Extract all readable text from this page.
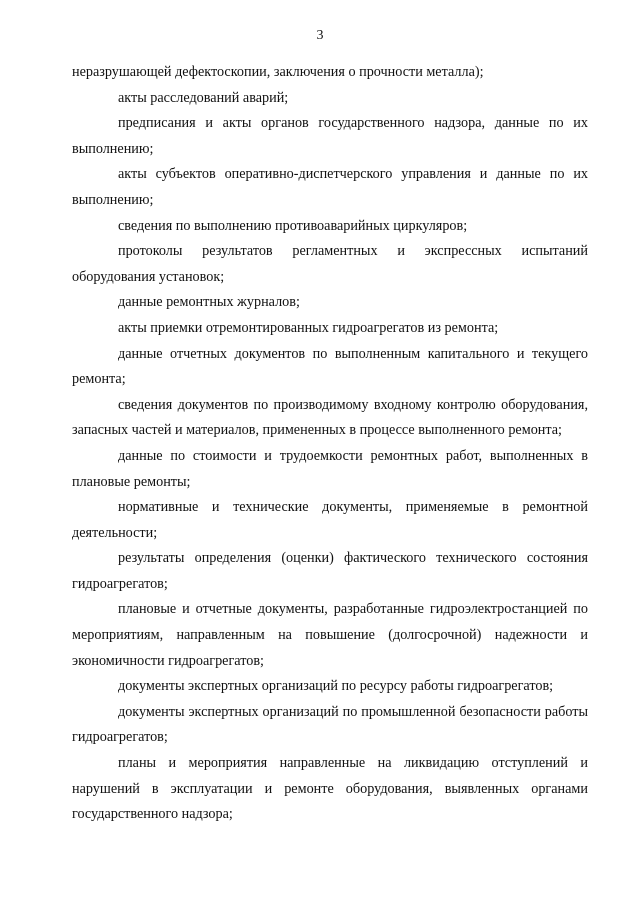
3

неразрушающей дефектоскопии, заключения о прочности металла);

акты расследований аварий;

предписания и акты органов государственного надзора, данные по их выполнению;

акты субъектов оперативно-диспетчерского управления и данные по их выполнению;

сведения по выполнению противоаварийных циркуляров;

протоколы результатов регламентных и экспрессных испытаний оборудования установок;

данные ремонтных журналов;

акты приемки отремонтированных гидроагрегатов из ремонта;

данные отчетных документов по выполненным капитального и текущего ремонта;

сведения документов по производимому входному контролю оборудования, запасных частей и материалов, примененных в процессе выполненного ремонта;

данные по стоимости и трудоемкости ремонтных работ, выполненных в плановые ремонты;

нормативные и технические документы, применяемые в ремонтной деятельности;

результаты определения (оценки) фактического технического состояния гидроагрегатов;

плановые и отчетные документы, разработанные гидроэлектростанцией по мероприятиям, направленным на повышение (долгосрочной) надежности и экономичности гидроагрегатов;

документы экспертных организаций по ресурсу работы гидроагрегатов;

документы экспертных организаций по промышленной безопасности работы гидроагрегатов;

планы и мероприятия направленные на ликвидацию отступлений и нарушений в эксплуатации и ремонте оборудования, выявленных органами государственного надзора;
